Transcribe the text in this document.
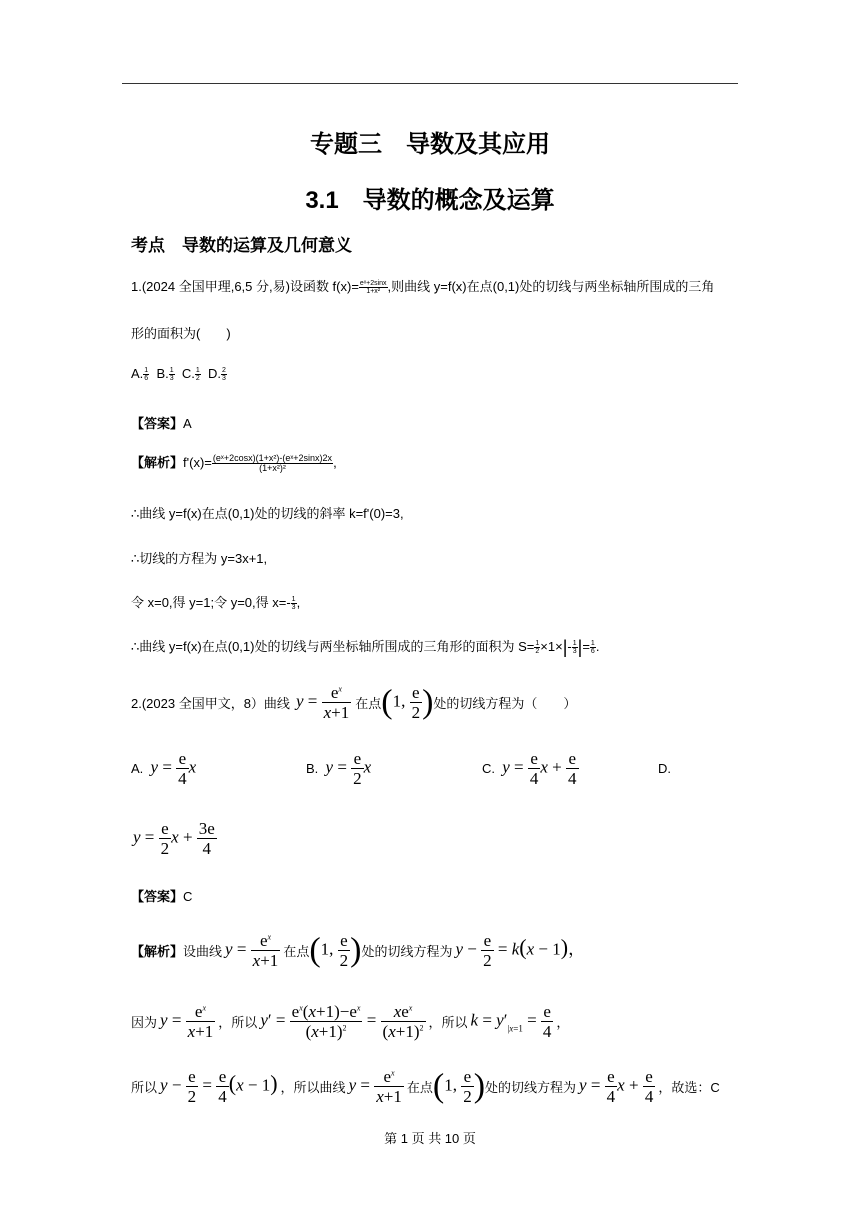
专题三　导数及其应用
3.1　导数的概念及运算
考点　导数的运算及几何意义
1.(2024 全国甲理,6,5 分,易)设函数 $f(x)= \frac{\text{eˣ+2sinx}}{\text{1+x²}}$ ,则曲线 y=f(x)在点(0,1)处的切线与两坐标轴所围成的三角
形的面积为(　　)
A. $\frac{1}{6} B$. $\frac{1}{3} C$. $\frac{1}{2} D$. $\frac{2}{3}$
【答案】A
【解析】$f'(x)= \frac{\text{(eˣ+2cosx)(1+x²)-(eˣ+2sinx)2x}}{\text{(1+x²)²}}$ ,
∴曲线 y=f(x)在点(0,1)处的切线的斜率 k=f'(0)=3,
∴切线的方程为 y=3x+1,
令 x=0,得 y=1;令 y=0,得 $x=- \frac{1}{3}$ ,
∴曲线 y=f(x)在点(0,1)处的切线与两坐标轴所围成的三角形的面积为 $S= \frac{1}{2} \times 1\times|- \frac{1}{3}$ |= $\frac{1}{6}$ .
2.(2023 全国甲文，8）曲线 $y = \frac{e^x}{x+1}$ 在点 (1, $\frac{e}{2}$ ) 处的切线方程为（　　）
A.
$y = \frac{e}{4}$ x	B.
$y = \frac{e}{2}$ x	C.
$y = \frac{e}{4}$ $x + \frac{e}{4}$	D.
$y = \frac{e}{2}$ $x + \frac{3e}{4}$
【答案】C
【解析】 设曲线 $y = \frac{e^x}{x+1}$ 在点 (1, $\frac{e}{2}$ ) 处的切线方程为 $y - \frac{e}{2} = k(x - 1)$，
因为 $y = \frac{e^x}{x+1}$ ，所以 $y' = \frac{e^x(x+1)-e^x}{(x+1)^2} = \frac{xe^x}{(x+1)^2}$ ，所以 $k = y'_{|x=1} = \frac{e}{4}$ ，
所以 $y - \frac{e}{2} = \frac{e}{4} (x - 1)$ ，所以曲线 $y = \frac{e^x}{x+1}$ 在点 (1, $\frac{e}{2}$ ) 处的切线方程为 $y = \frac{e}{4}$ $x + \frac{e}{4}$ ，故选：C
第 1 页 共 10 页
